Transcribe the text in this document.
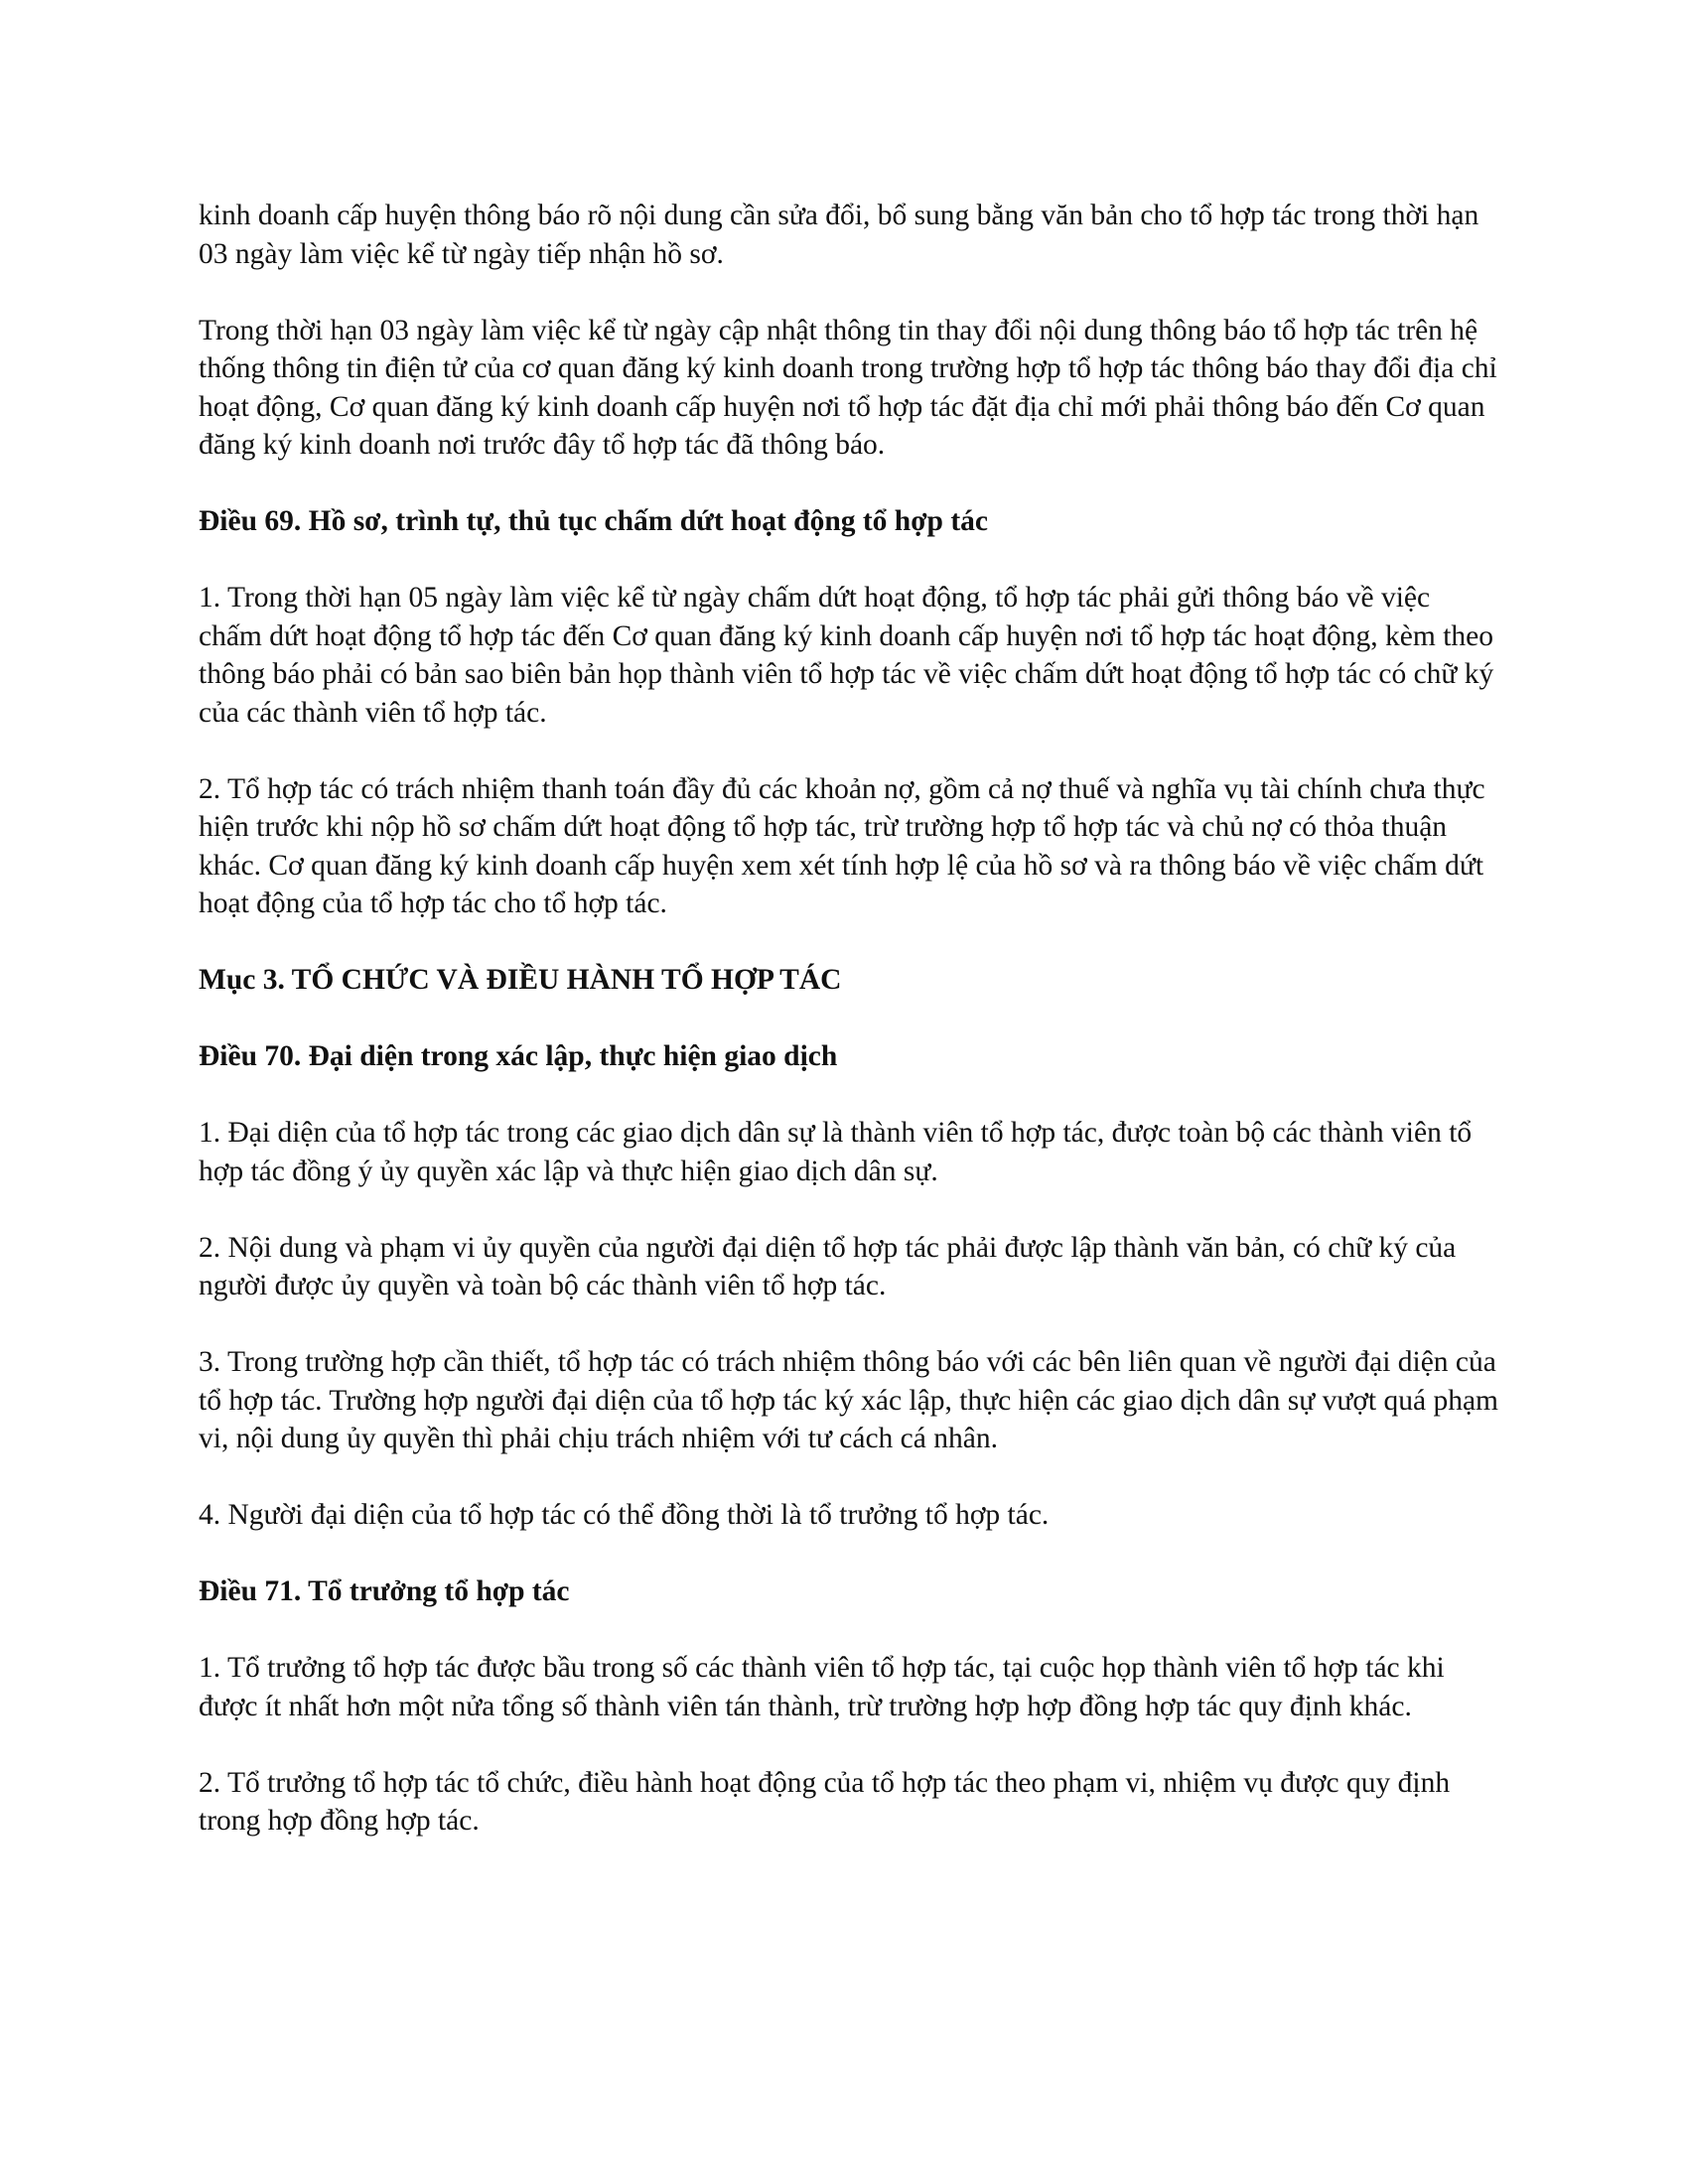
kinh doanh cấp huyện thông báo rõ nội dung cần sửa đổi, bổ sung bằng văn bản cho tổ hợp tác trong thời hạn 03 ngày làm việc kể từ ngày tiếp nhận hồ sơ.

Trong thời hạn 03 ngày làm việc kể từ ngày cập nhật thông tin thay đổi nội dung thông báo tổ hợp tác trên hệ thống thông tin điện tử của cơ quan đăng ký kinh doanh trong trường hợp tổ hợp tác thông báo thay đổi địa chỉ hoạt động, Cơ quan đăng ký kinh doanh cấp huyện nơi tổ hợp tác đặt địa chỉ mới phải thông báo đến Cơ quan đăng ký kinh doanh nơi trước đây tổ hợp tác đã thông báo.

Điều 69. Hồ sơ, trình tự, thủ tục chấm dứt hoạt động tổ hợp tác

1. Trong thời hạn 05 ngày làm việc kể từ ngày chấm dứt hoạt động, tổ hợp tác phải gửi thông báo về việc chấm dứt hoạt động tổ hợp tác đến Cơ quan đăng ký kinh doanh cấp huyện nơi tổ hợp tác hoạt động, kèm theo thông báo phải có bản sao biên bản họp thành viên tổ hợp tác về việc chấm dứt hoạt động tổ hợp tác có chữ ký của các thành viên tổ hợp tác.

2. Tổ hợp tác có trách nhiệm thanh toán đầy đủ các khoản nợ, gồm cả nợ thuế và nghĩa vụ tài chính chưa thực hiện trước khi nộp hồ sơ chấm dứt hoạt động tổ hợp tác, trừ trường hợp tổ hợp tác và chủ nợ có thỏa thuận khác. Cơ quan đăng ký kinh doanh cấp huyện xem xét tính hợp lệ của hồ sơ và ra thông báo về việc chấm dứt hoạt động của tổ hợp tác cho tổ hợp tác.

Mục 3. TỔ CHỨC VÀ ĐIỀU HÀNH TỔ HỢP TÁC

Điều 70. Đại diện trong xác lập, thực hiện giao dịch

1. Đại diện của tổ hợp tác trong các giao dịch dân sự là thành viên tổ hợp tác, được toàn bộ các thành viên tổ hợp tác đồng ý ủy quyền xác lập và thực hiện giao dịch dân sự.

2. Nội dung và phạm vi ủy quyền của người đại diện tổ hợp tác phải được lập thành văn bản, có chữ ký của người được ủy quyền và toàn bộ các thành viên tổ hợp tác.

3. Trong trường hợp cần thiết, tổ hợp tác có trách nhiệm thông báo với các bên liên quan về người đại diện của tổ hợp tác. Trường hợp người đại diện của tổ hợp tác ký xác lập, thực hiện các giao dịch dân sự vượt quá phạm vi, nội dung ủy quyền thì phải chịu trách nhiệm với tư cách cá nhân.

4. Người đại diện của tổ hợp tác có thể đồng thời là tổ trưởng tổ hợp tác.

Điều 71. Tổ trưởng tổ hợp tác

1. Tổ trưởng tổ hợp tác được bầu trong số các thành viên tổ hợp tác, tại cuộc họp thành viên tổ hợp tác khi được ít nhất hơn một nửa tổng số thành viên tán thành, trừ trường hợp hợp đồng hợp tác quy định khác.

2. Tổ trưởng tổ hợp tác tổ chức, điều hành hoạt động của tổ hợp tác theo phạm vi, nhiệm vụ được quy định trong hợp đồng hợp tác.
